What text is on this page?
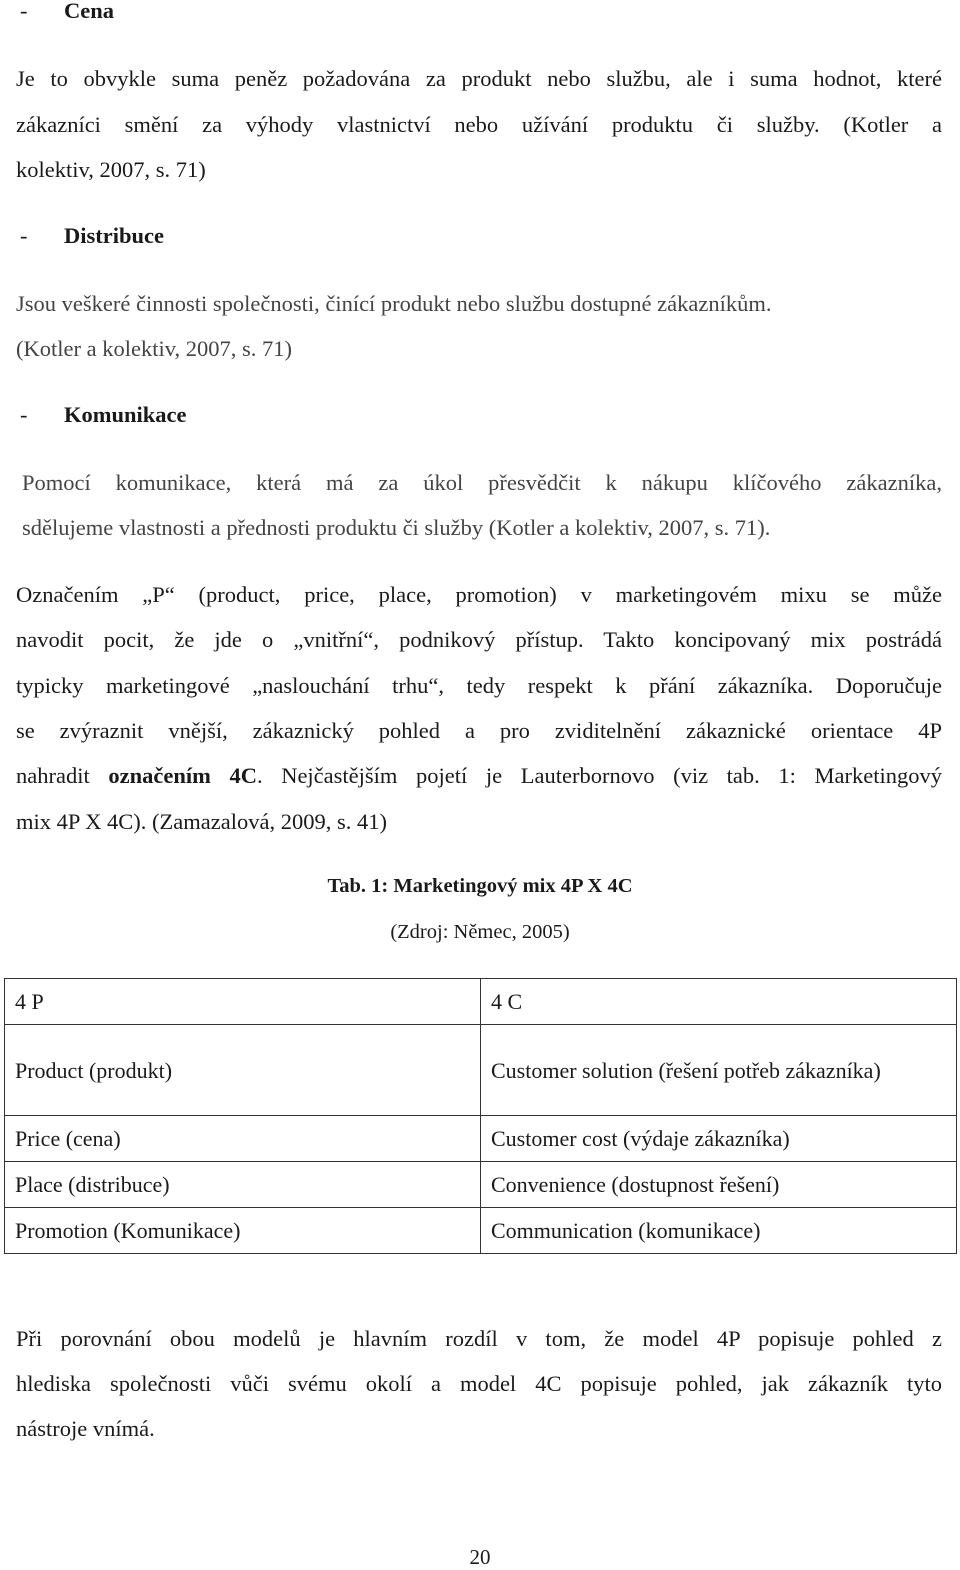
- Cena
Je to obvykle suma peněz požadována za produkt nebo službu, ale i suma hodnot, které
zákazníci smění za výhody vlastnictví nebo užívání produktu či služby. (Kotler a
kolektiv, 2007, s. 71)
- Distribuce
Jsou veškeré činnosti společnosti, činící produkt nebo službu dostupné zákazníkům.
(Kotler a kolektiv, 2007, s. 71)
- Komunikace
Pomocí komunikace, která má za úkol přesvědčit k nákupu klíčového zákazníka,
sdělujeme vlastnosti a přednosti produktu či služby (Kotler a kolektiv, 2007, s. 71).
Označením „P“ (product, price, place, promotion) v marketingovém mixu se může
navodit pocit, že jde o „vnitřní“, podnikový přístup. Takto koncipovaný mix postrádá
typicky marketingové „naslouchání trhu“, tedy respekt k přání zákazníka. Doporučuje
se zvýraznit vnější, zákaznický pohled a pro zviditelnění zákaznické orientace 4P
nahradit označením 4C. Nejčastějším pojetí je Lauterbornovo (viz tab. 1: Marketingový
mix 4P X 4C). (Zamazalová, 2009, s. 41)
Tab. 1: Marketingový mix 4P X 4C
(Zdroj: Němec, 2005)
4 P	4 C
Product (produkt)	Customer solution (řešení potřeb zákazníka)
Price (cena)	Customer cost (výdaje zákazníka)
Place (distribuce)	Convenience (dostupnost řešení)
Promotion (Komunikace)	Communication (komunikace)
Při porovnání obou modelů je hlavním rozdíl v tom, že model 4P popisuje pohled z
hlediska společnosti vůči svému okolí a model 4C popisuje pohled, jak zákazník tyto
nástroje vnímá.
20
